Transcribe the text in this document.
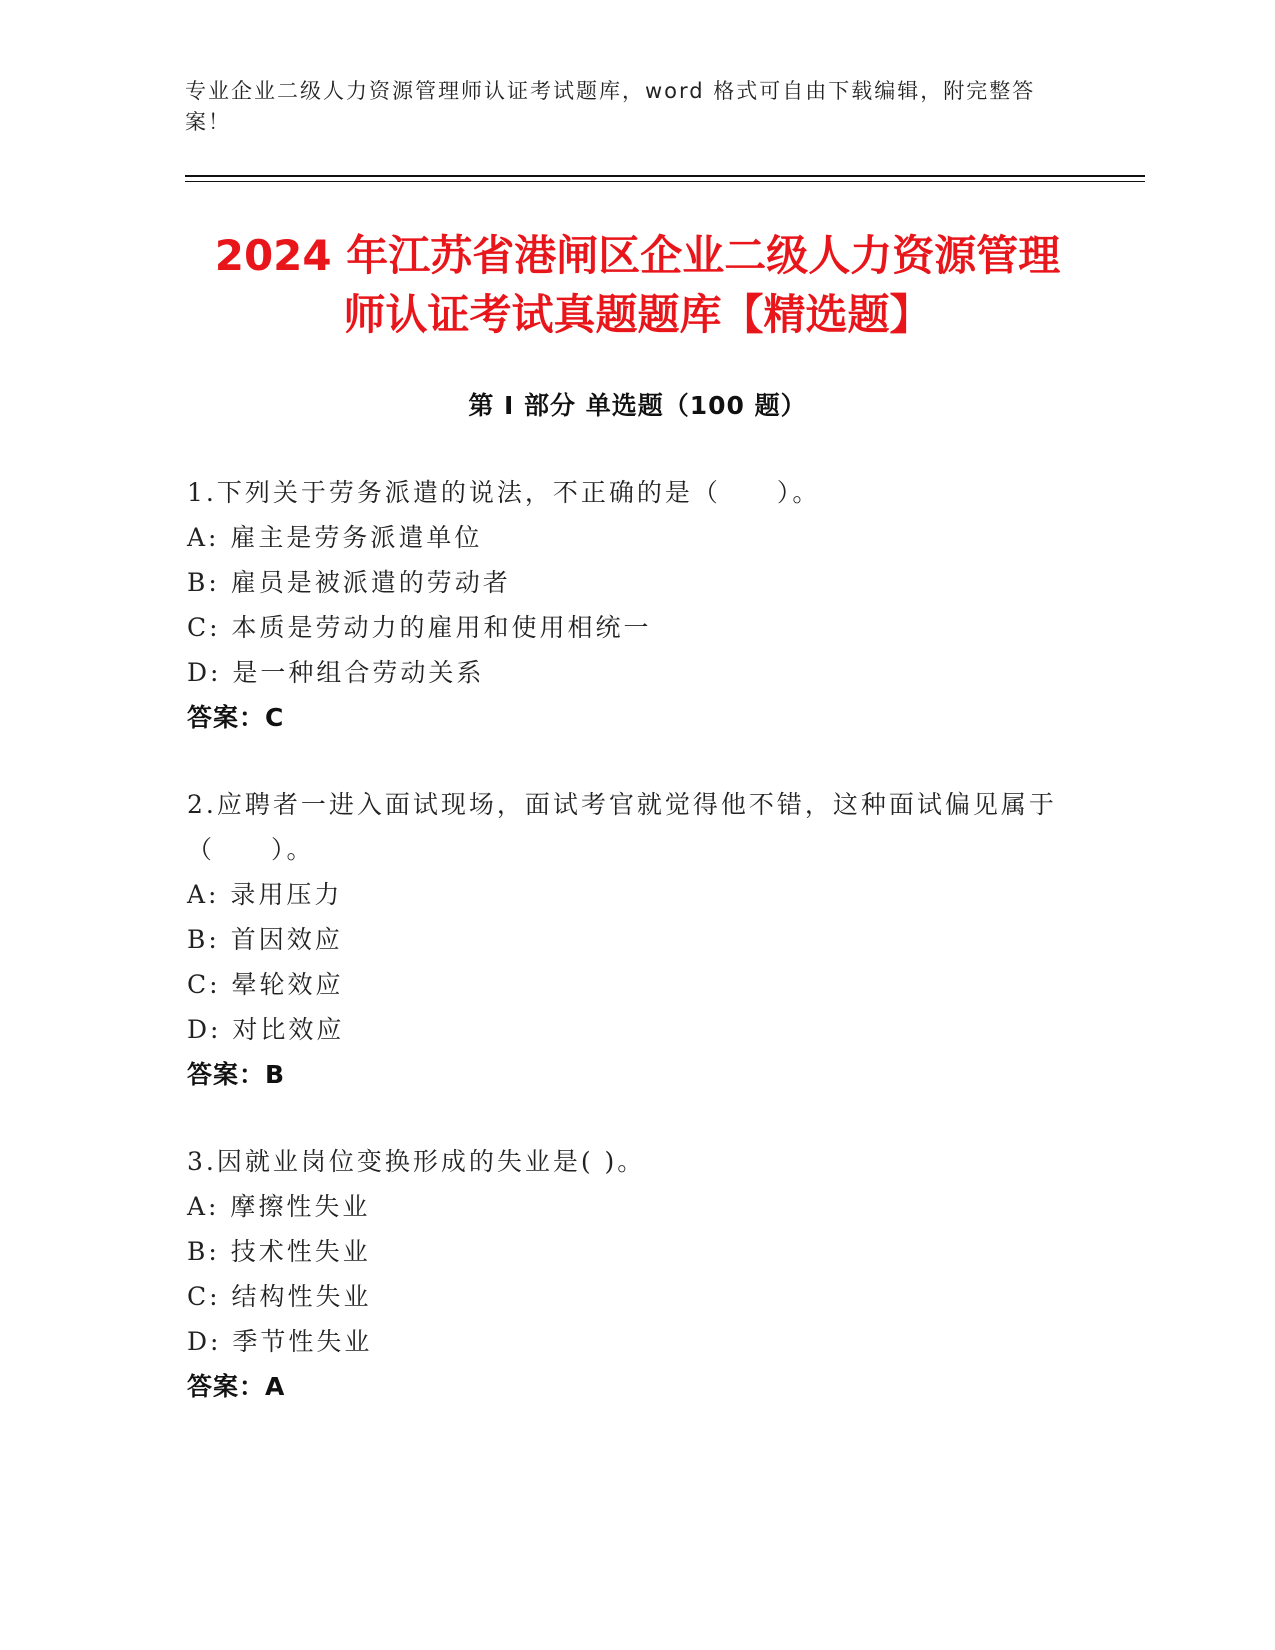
专业企业二级人力资源管理师认证考试题库，word 格式可自由下载编辑，附完整答案！
2024 年江苏省港闸区企业二级人力资源管理
师认证考试真题题库【精选题】
第 I 部分 单选题（100 题）
1.下列关于劳务派遣的说法，不正确的是（　　）。
A: 雇主是劳务派遣单位
B: 雇员是被派遣的劳动者
C: 本质是劳动力的雇用和使用相统一
D: 是一种组合劳动关系
答案：C
2.应聘者一进入面试现场，面试考官就觉得他不错，这种面试偏见属于（　　）。
A: 录用压力
B: 首因效应
C: 晕轮效应
D: 对比效应
答案：B
3.因就业岗位变换形成的失业是( )。
A: 摩擦性失业
B: 技术性失业
C: 结构性失业
D: 季节性失业
答案：A
